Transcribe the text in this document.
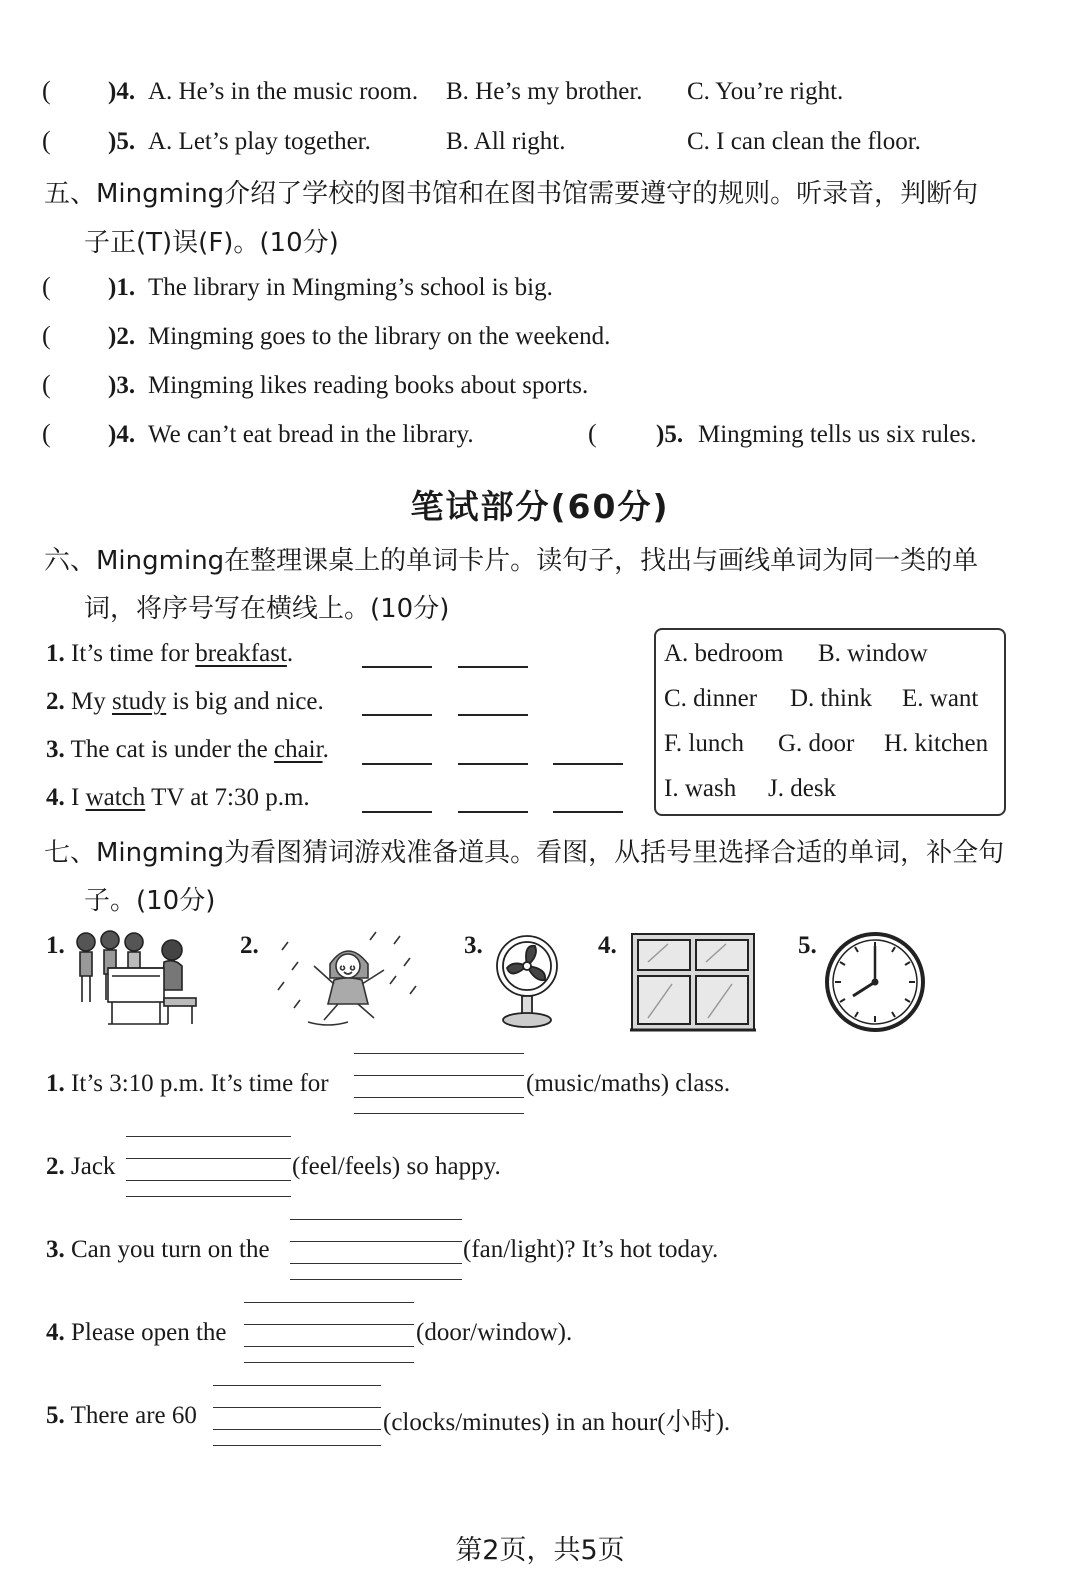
( )4. A. He’s in the music room. B. He’s my brother. C. You’re right.
( )5. A. Let’s play together.	B. All right.	C. I can clean the floor.
五、Mingming介绍了学校的图书馆和在图书馆需要遵守的规则。听录音，判断句
子正(T)误(F)。(10分)
( )1. The library in Mingming’s school is big.
( )2. Mingming goes to the library on the weekend.
( )3. Mingming likes reading books about sports.
( )4. We can’t eat bread in the library.	( )5. Mingming tells us six rules.
笔试部分(60分)
六、Mingming在整理课桌上的单词卡片。读句子，找出与画线单词为同一类的单
词，将序号写在横线上。(10分)
1. It’s time for breakfast.
2. My study is big and nice.
3. The cat is under the chair.
4. I watch TV at 7:30 p.m.
A. bedroom B. window
C. dinner D. think E. want
F. lunch G. door H. kitchen
I. wash J. desk
七、Mingming为看图猜词游戏准备道具。看图，从括号里选择合适的单词，补全句
子。(10分)
1.	2.	3.	4.	5.
1. It’s 3:10 p.m. It’s time for	(music/maths) class.
2. Jack	(feel/feels) so happy.
3. Can you turn on the	(fan/light)? It’s hot today.
4. Please open the	(door/window).
5. There are 60	(clocks/minutes) in an hour(小时).
第2页，共5页
